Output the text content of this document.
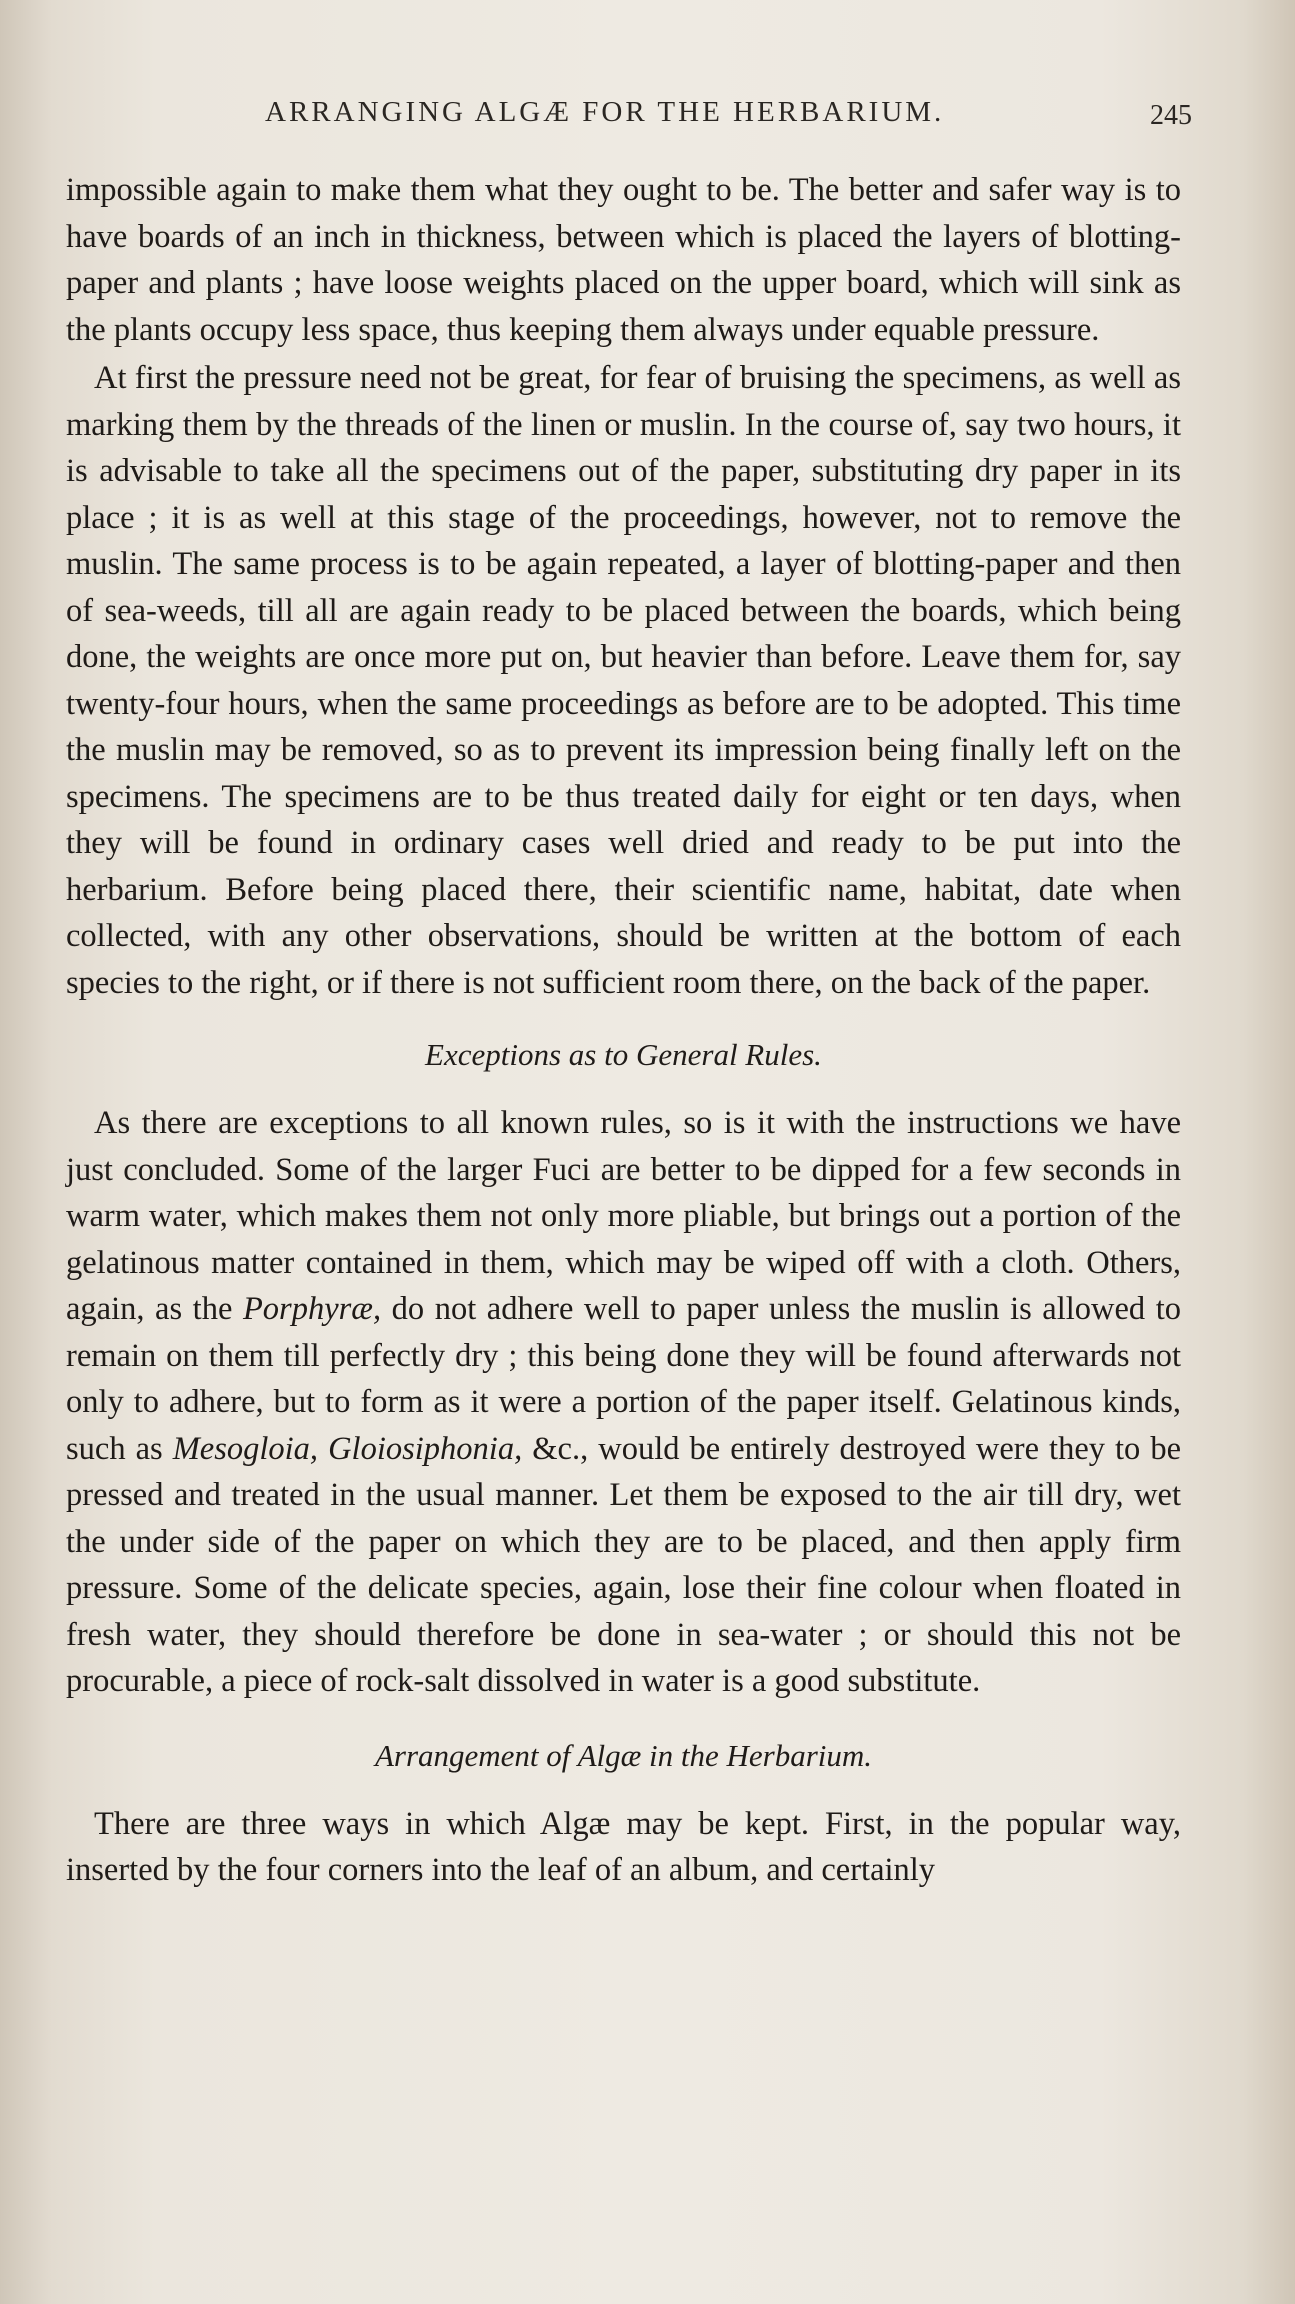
ARRANGING ALGÆ FOR THE HERBARIUM.	245

impossible again to make them what they ought to be. The better and safer way is to have boards of an inch in thickness, between which is placed the layers of blotting-paper and plants ; have loose weights placed on the upper board, which will sink as the plants occupy less space, thus keeping them always under equable pressure.

At first the pressure need not be great, for fear of bruising the specimens, as well as marking them by the threads of the linen or muslin. In the course of, say two hours, it is advisable to take all the specimens out of the paper, substituting dry paper in its place ; it is as well at this stage of the proceedings, however, not to remove the muslin. The same process is to be again repeated, a layer of blotting-paper and then of sea-weeds, till all are again ready to be placed between the boards, which being done, the weights are once more put on, but heavier than before. Leave them for, say twenty-four hours, when the same proceedings as before are to be adopted. This time the muslin may be removed, so as to prevent its impression being finally left on the specimens. The specimens are to be thus treated daily for eight or ten days, when they will be found in ordinary cases well dried and ready to be put into the herbarium. Before being placed there, their scientific name, habitat, date when collected, with any other observations, should be written at the bottom of each species to the right, or if there is not sufficient room there, on the back of the paper.

Exceptions as to General Rules.

As there are exceptions to all known rules, so is it with the instructions we have just concluded. Some of the larger Fuci are better to be dipped for a few seconds in warm water, which makes them not only more pliable, but brings out a portion of the gelatinous matter contained in them, which may be wiped off with a cloth. Others, again, as the Porphyræ, do not adhere well to paper unless the muslin is allowed to remain on them till perfectly dry ; this being done they will be found afterwards not only to adhere, but to form as it were a portion of the paper itself. Gelatinous kinds, such as Mesogloia, Gloiosiphonia, &c., would be entirely destroyed were they to be pressed and treated in the usual manner. Let them be exposed to the air till dry, wet the under side of the paper on which they are to be placed, and then apply firm pressure. Some of the delicate species, again, lose their fine colour when floated in fresh water, they should therefore be done in sea-water ; or should this not be procurable, a piece of rock-salt dissolved in water is a good substitute.

Arrangement of Algæ in the Herbarium.

There are three ways in which Algæ may be kept. First, in the popular way, inserted by the four corners into the leaf of an album, and certainly
